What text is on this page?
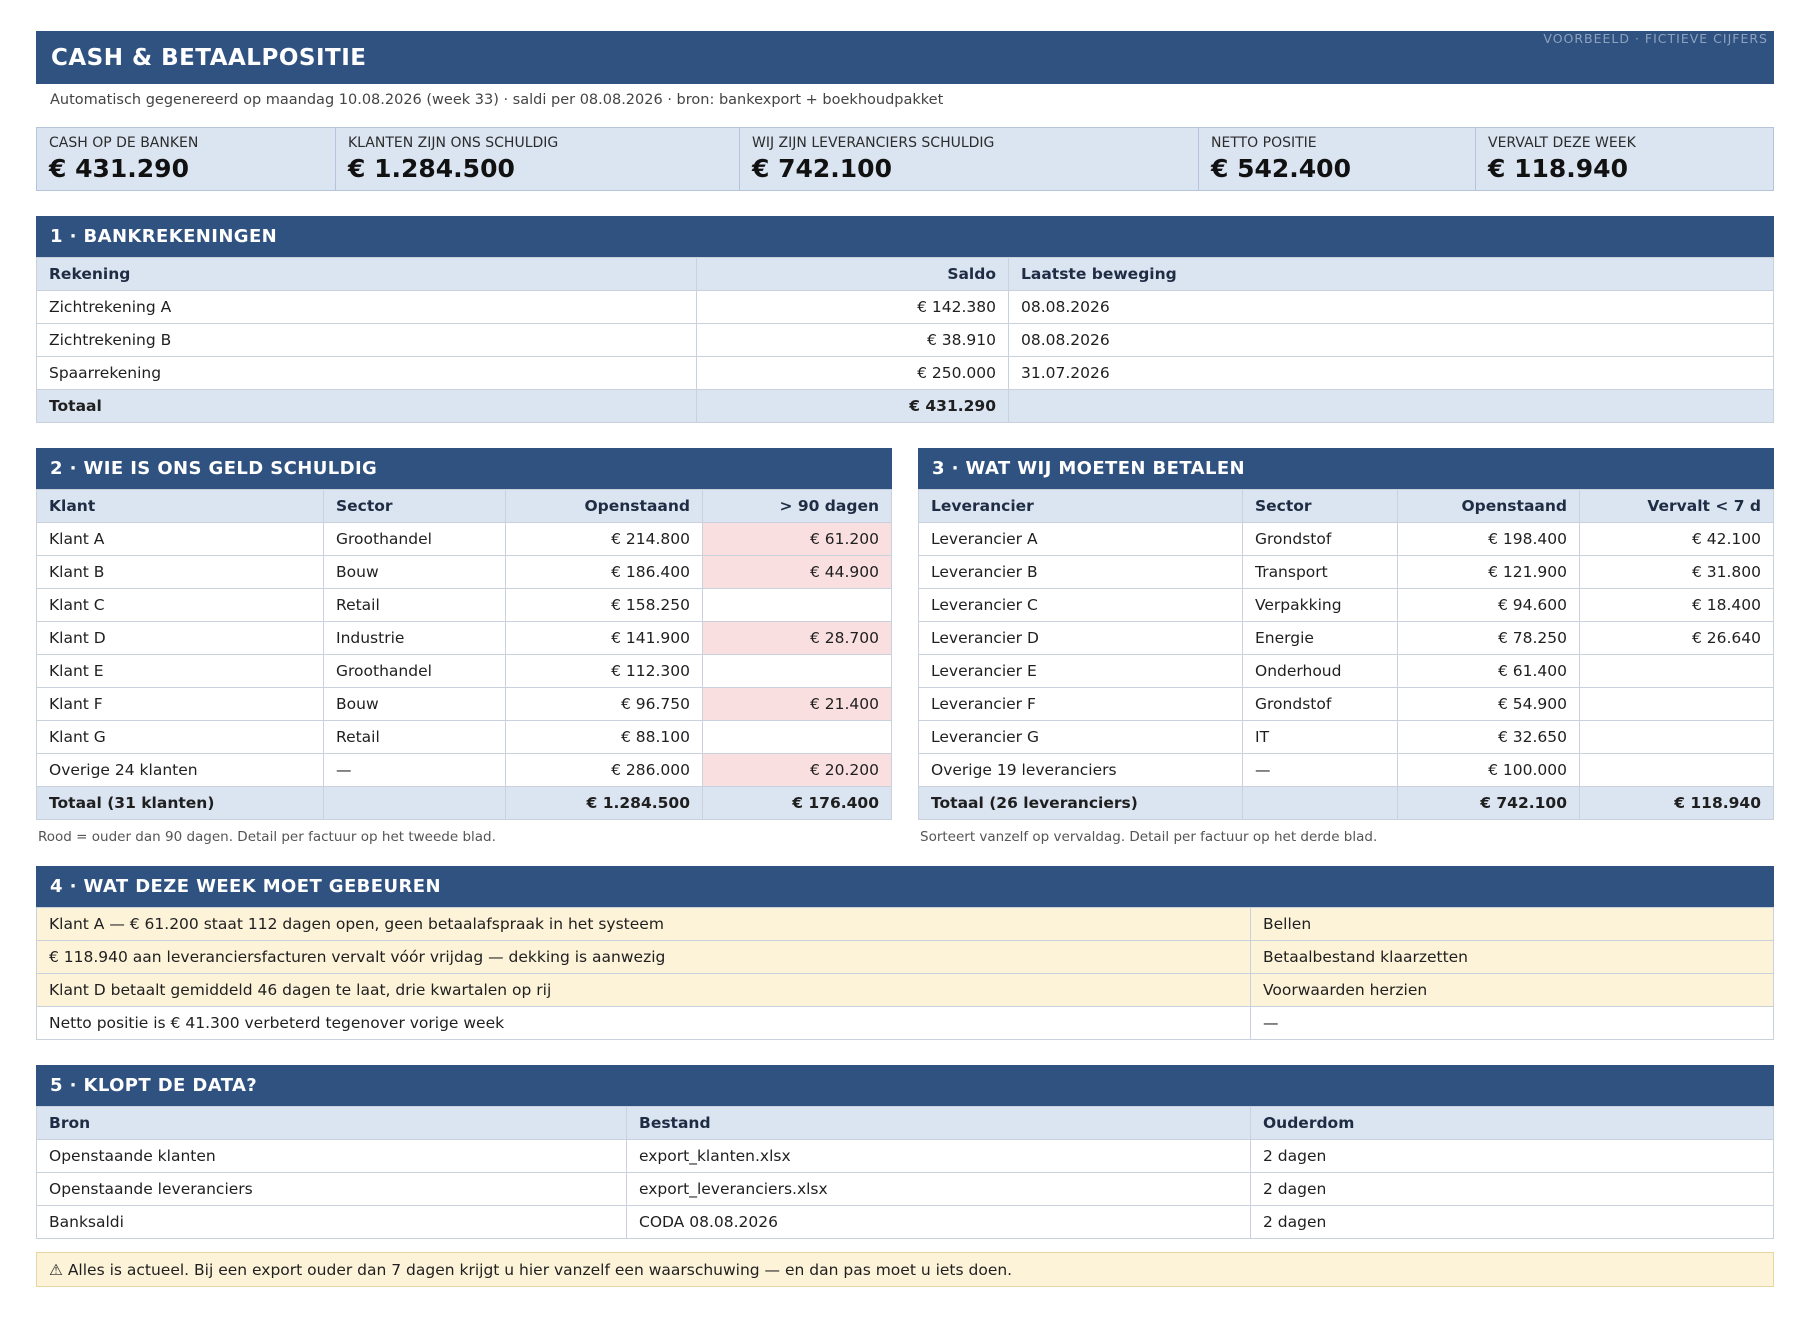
CASH & BETAALPOSITIE
VOORBEELD · FICTIEVE CIJFERS
Automatisch gegenereerd op maandag 10.08.2026 (week 33) · saldi per 08.08.2026 · bron: bankexport + boekhoudpakket
CASH OP DE BANKEN
€ 431.290
KLANTEN ZIJN ONS SCHULDIG
€ 1.284.500
WIJ ZIJN LEVERANCIERS SCHULDIG
€ 742.100
NETTO POSITIE
€ 542.400
VERVALT DEZE WEEK
€ 118.940
1 · BANKREKENINGEN
Rekening	Saldo	Laatste beweging
Zichtrekening A	€ 142.380	08.08.2026
Zichtrekening B	€ 38.910	08.08.2026
Spaarrekening	€ 250.000	31.07.2026
Totaal	€ 431.290	
2 · WIE IS ONS GELD SCHULDIG
Klant	Sector	Openstaand	> 90 dagen
Klant A	Groothandel	€ 214.800	€ 61.200
Klant B	Bouw	€ 186.400	€ 44.900
Klant C	Retail	€ 158.250	
Klant D	Industrie	€ 141.900	€ 28.700
Klant E	Groothandel	€ 112.300	
Klant F	Bouw	€ 96.750	€ 21.400
Klant G	Retail	€ 88.100	
Overige 24 klanten	—	€ 286.000	€ 20.200
Totaal (31 klanten)		€ 1.284.500	€ 176.400
Rood = ouder dan 90 dagen. Detail per factuur op het tweede blad.
3 · WAT WIJ MOETEN BETALEN
Leverancier	Sector	Openstaand	Vervalt < 7 d
Leverancier A	Grondstof	€ 198.400	€ 42.100
Leverancier B	Transport	€ 121.900	€ 31.800
Leverancier C	Verpakking	€ 94.600	€ 18.400
Leverancier D	Energie	€ 78.250	€ 26.640
Leverancier E	Onderhoud	€ 61.400	
Leverancier F	Grondstof	€ 54.900	
Leverancier G	IT	€ 32.650	
Overige 19 leveranciers	—	€ 100.000	
Totaal (26 leveranciers)		€ 742.100	€ 118.940
Sorteert vanzelf op vervaldag. Detail per factuur op het derde blad.
4 · WAT DEZE WEEK MOET GEBEUREN
Klant A — € 61.200 staat 112 dagen open, geen betaalafspraak in het systeem	Bellen
€ 118.940 aan leveranciersfacturen vervalt vóór vrijdag — dekking is aanwezig	Betaalbestand klaarzetten
Klant D betaalt gemiddeld 46 dagen te laat, drie kwartalen op rij	Voorwaarden herzien
Netto positie is € 41.300 verbeterd tegenover vorige week	—
5 · KLOPT DE DATA?
Bron	Bestand	Ouderdom
Openstaande klanten	export_klanten.xlsx	2 dagen
Openstaande leveranciers	export_leveranciers.xlsx	2 dagen
Banksaldi	CODA 08.08.2026	2 dagen
⚠ Alles is actueel. Bij een export ouder dan 7 dagen krijgt u hier vanzelf een waarschuwing — en dan pas moet u iets doen.
